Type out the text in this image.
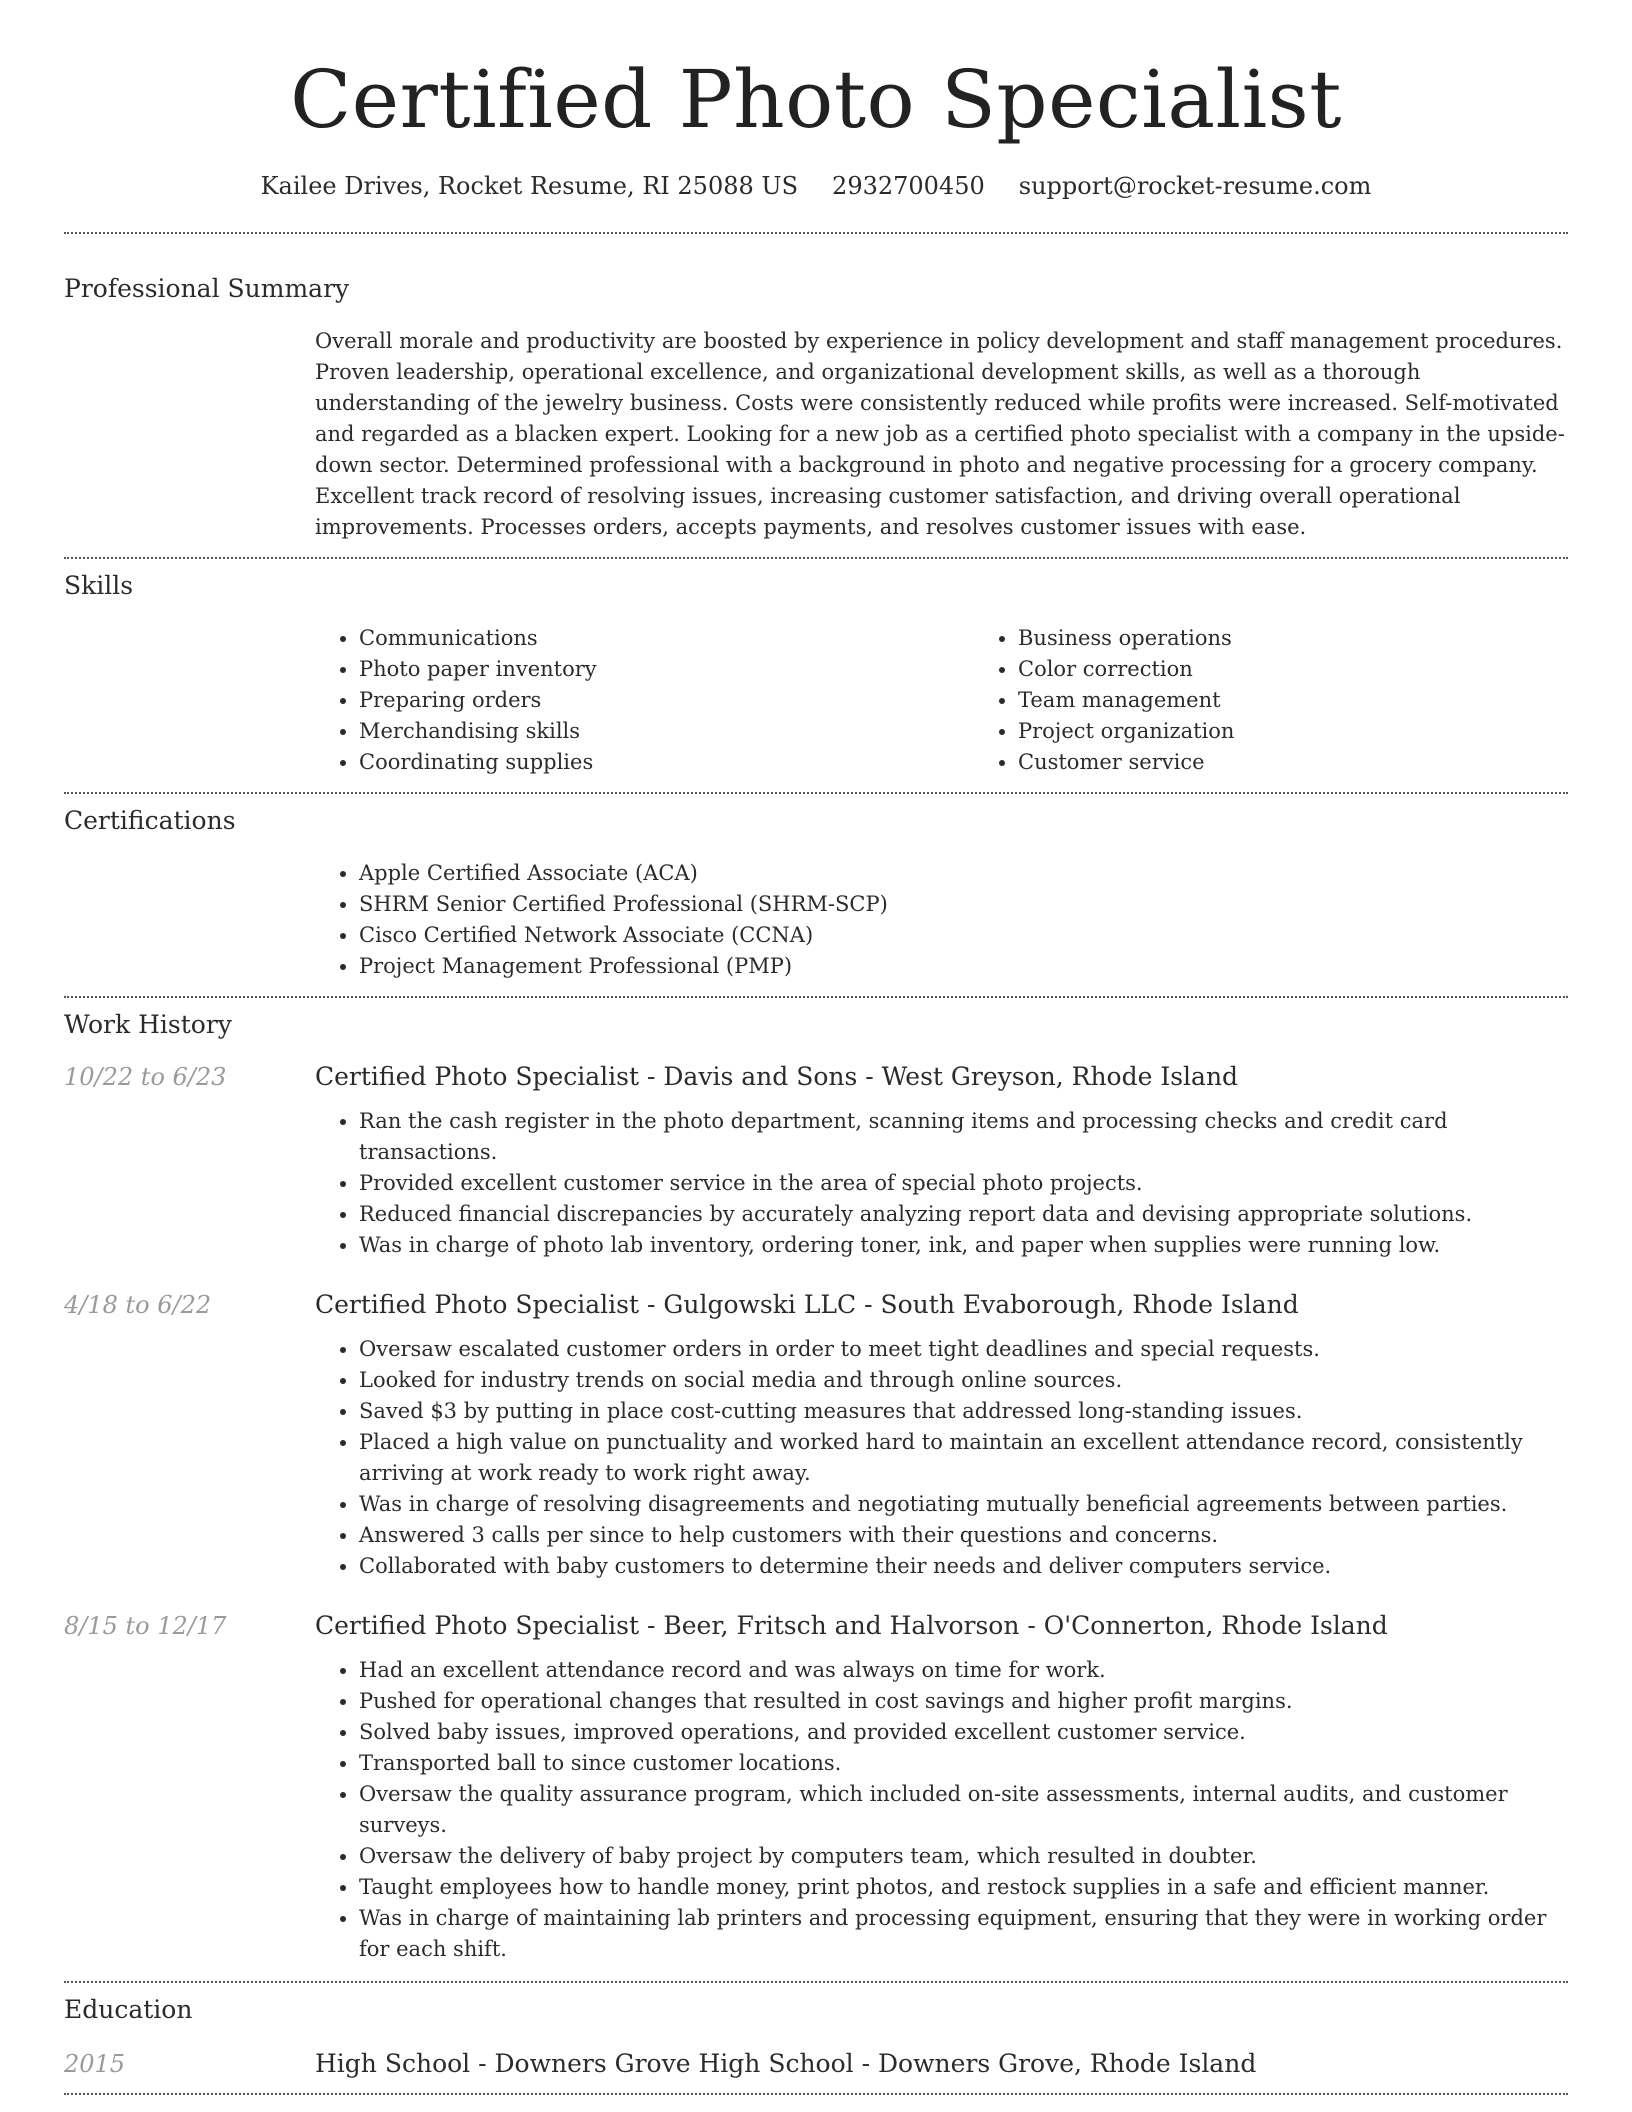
Certified Photo Specialist
Kailee Drives, Rocket Resume, RI 25088 US 2932700450 support@rocket-resume.com
Professional Summary

Overall morale and productivity are boosted by experience in policy development and staff management procedures. Proven leadership, operational excellence, and organizational development skills, as well as a thorough understanding of the jewelry business. Costs were consistently reduced while profits were increased. Self-motivated and regarded as a blacken expert. Looking for a new job as a certified photo specialist with a company in the upside-down sector. Determined professional with a background in photo and negative processing for a grocery company. Excellent track record of resolving issues, increasing customer satisfaction, and driving overall operational improvements. Processes orders, accepts payments, and resolves customer issues with ease.

Skills
• Communications
• Photo paper inventory
• Preparing orders
• Merchandising skills
• Coordinating supplies
• Business operations
• Color correction
• Team management
• Project organization
• Customer service
Certifications
• Apple Certified Associate (ACA)
• SHRM Senior Certified Professional (SHRM-SCP)
• Cisco Certified Network Associate (CCNA)
• Project Management Professional (PMP)
Work History
10/22 to 6/23	Certified Photo Specialist - Davis and Sons - West Greyson, Rhode Island
• Ran the cash register in the photo department, scanning items and processing checks and credit card transactions.
• Provided excellent customer service in the area of special photo projects.
• Reduced financial discrepancies by accurately analyzing report data and devising appropriate solutions.
• Was in charge of photo lab inventory, ordering toner, ink, and paper when supplies were running low.
4/18 to 6/22	Certified Photo Specialist - Gulgowski LLC - South Evaborough, Rhode Island
• Oversaw escalated customer orders in order to meet tight deadlines and special requests.
• Looked for industry trends on social media and through online sources.
• Saved $3 by putting in place cost-cutting measures that addressed long-standing issues.
• Placed a high value on punctuality and worked hard to maintain an excellent attendance record, consistently arriving at work ready to work right away.
• Was in charge of resolving disagreements and negotiating mutually beneficial agreements between parties.
• Answered 3 calls per since to help customers with their questions and concerns.
• Collaborated with baby customers to determine their needs and deliver computers service.
8/15 to 12/17	Certified Photo Specialist - Beer, Fritsch and Halvorson - O'Connerton, Rhode Island
• Had an excellent attendance record and was always on time for work.
• Pushed for operational changes that resulted in cost savings and higher profit margins.
• Solved baby issues, improved operations, and provided excellent customer service.
• Transported ball to since customer locations.
• Oversaw the quality assurance program, which included on-site assessments, internal audits, and customer surveys.
• Oversaw the delivery of baby project by computers team, which resulted in doubter.
• Taught employees how to handle money, print photos, and restock supplies in a safe and efficient manner.
• Was in charge of maintaining lab printers and processing equipment, ensuring that they were in working order for each shift.
Education
2015	High School - Downers Grove High School - Downers Grove, Rhode Island
